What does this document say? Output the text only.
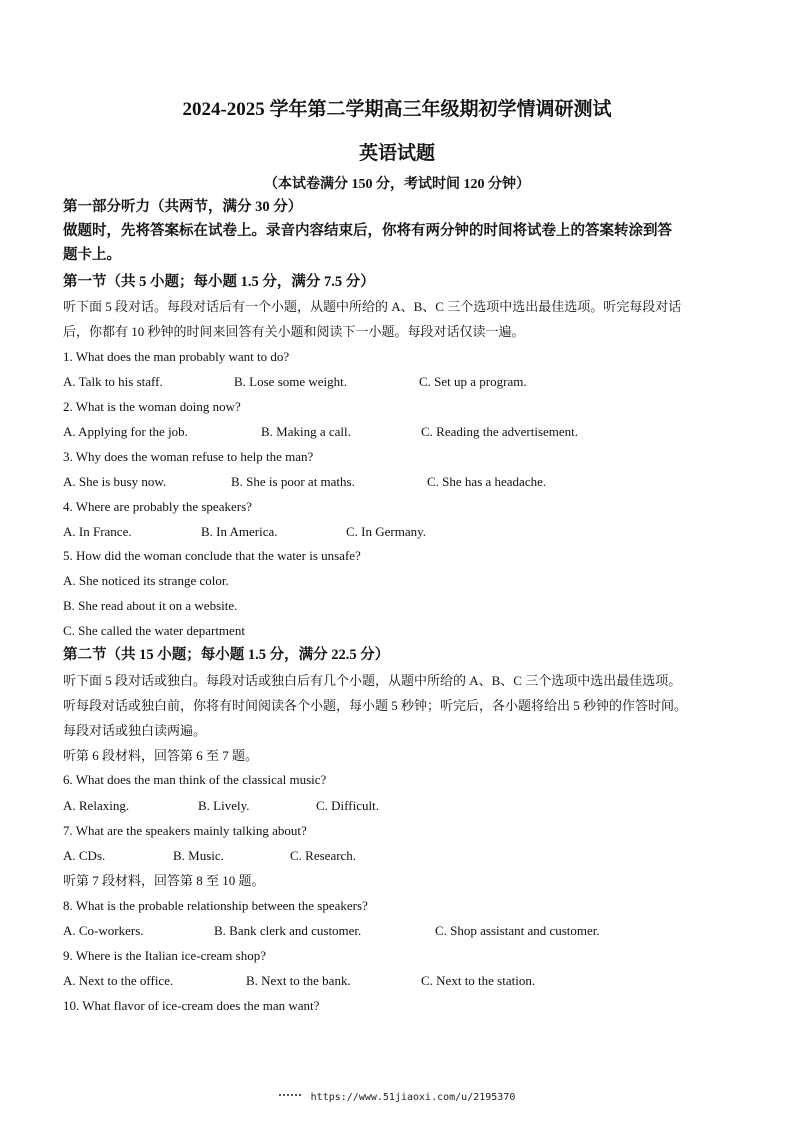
2024-2025 学年第二学期高三年级期初学情调研测试
英语试题
（本试卷满分 150 分，考试时间 120 分钟）
第一部分听力（共两节，满分 30 分）
做题时，先将答案标在试卷上。录音内容结束后，你将有两分钟的时间将试卷上的答案转涂到答
题卡上。
第一节（共 5 小题；每小题 1.5 分，满分 7.5 分）
听下面 5 段对话。每段对话后有一个小题，从题中所给的 A、B、C 三个选项中选出最佳选项。听完每段对话
后，你都有 10 秒钟的时间来回答有关小题和阅读下一小题。每段对话仅读一遍。
1. What does the man probably want to do?
A. Talk to his staff.	B. Lose some weight.	C. Set up a program.
2. What is the woman doing now?
A. Applying for the job.	B. Making a call.	C. Reading the advertisement.
3. Why does the woman refuse to help the man?
A. She is busy now.	B. She is poor at maths.	C. She has a headache.
4. Where are probably the speakers?
A. In France.	B. In America.	C. In Germany.
5. How did the woman conclude that the water is unsafe?
A. She noticed its strange color.
B. She read about it on a website.
C. She called the water department
第二节（共 15 小题；每小题 1.5 分，满分 22.5 分）
听下面 5 段对话或独白。每段对话或独白后有几个小题，从题中所给的 A、B、C 三个选项中选出最佳选项。
听每段对话或独白前，你将有时间阅读各个小题，每小题 5 秒钟；听完后，各小题将给出 5 秒钟的作答时间。
每段对话或独白读两遍。
听第 6 段材料，回答第 6 至 7 题。
6. What does the man think of the classical music?
A. Relaxing.	B. Lively.	C. Difficult.
7. What are the speakers mainly talking about?
A. CDs.	B. Music.	C. Research.
听第 7 段材料，回答第 8 至 10 题。
8. What is the probable relationship between the speakers?
A. Co-workers.	B. Bank clerk and customer.	C. Shop assistant and customer.
9. Where is the Italian ice-cream shop?
A. Next to the office.	B. Next to the bank.	C. Next to the station.
10. What flavor of ice-cream does the man want?
https://www.51jiaoxi.com/u/2195370
